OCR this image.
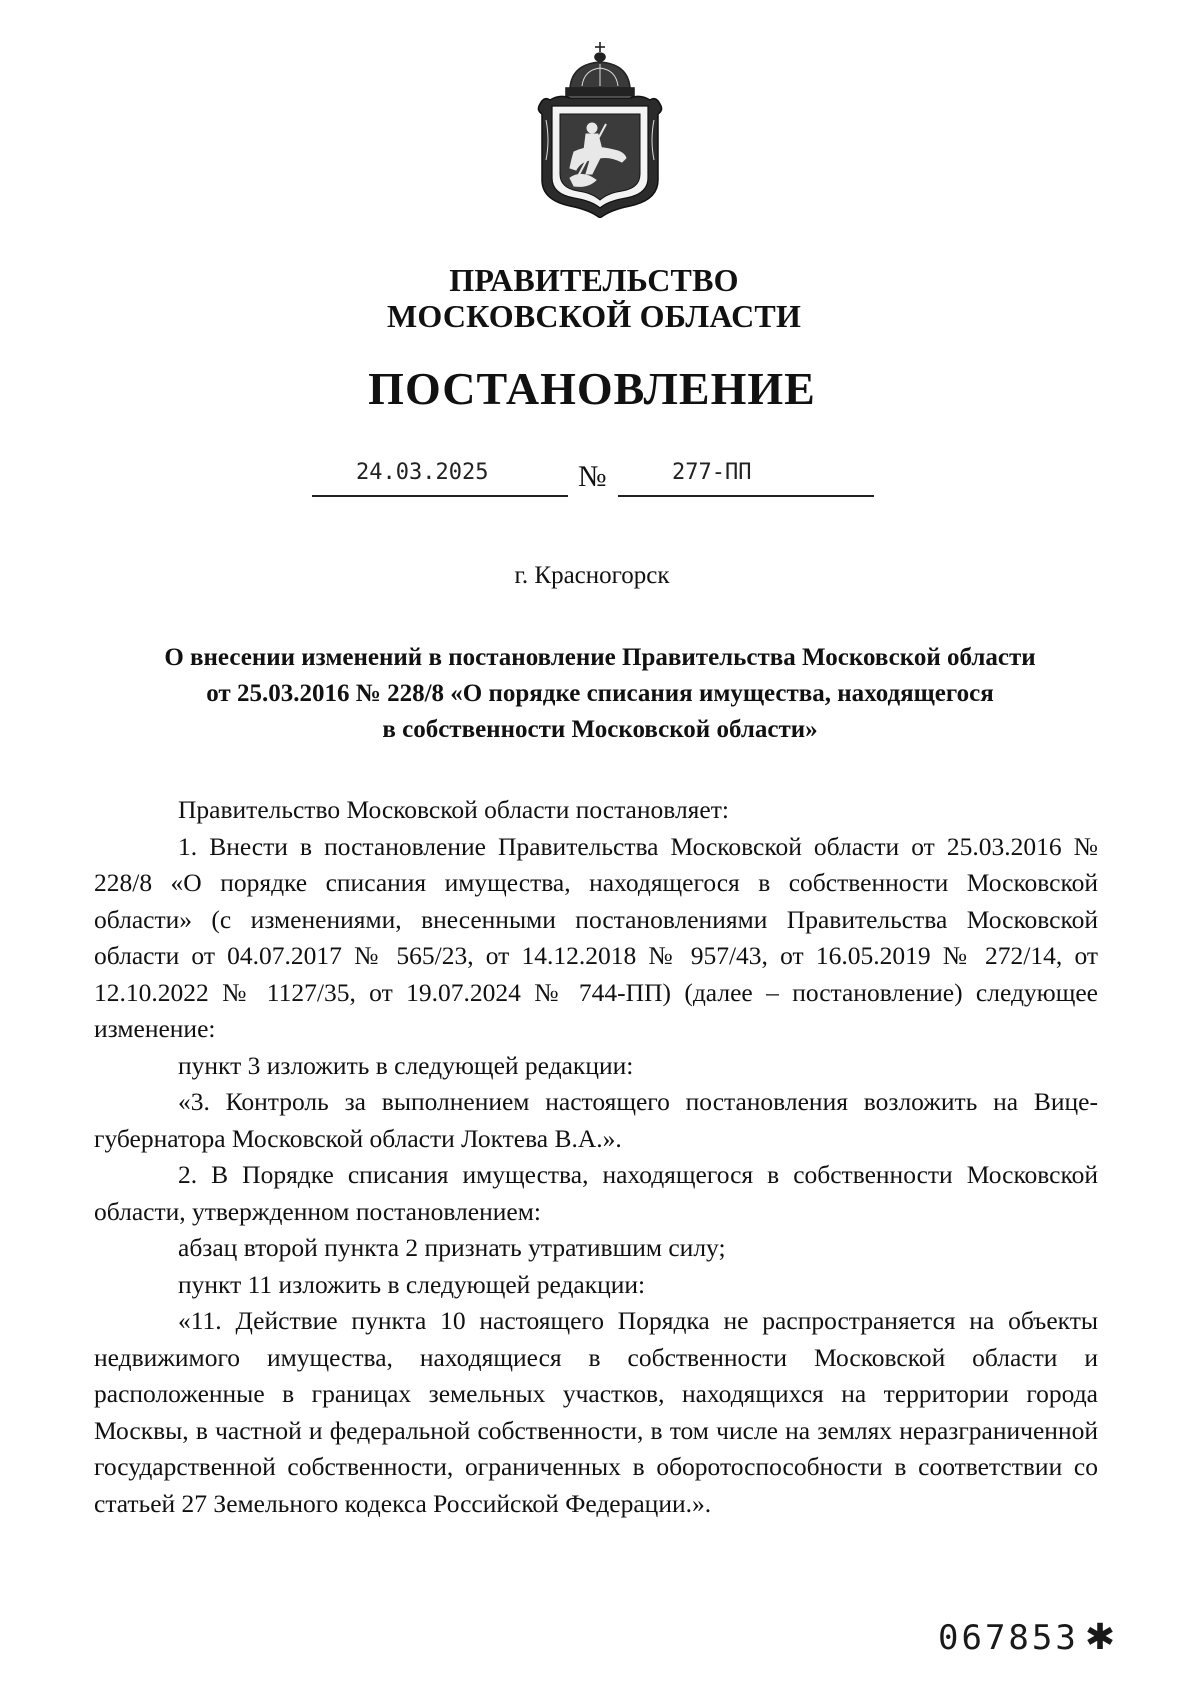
ПРАВИТЕЛЬСТВО
МОСКОВСКОЙ ОБЛАСТИ
ПОСТАНОВЛЕНИЕ
24.03.2025	№	277-ПП
г. Красногорск
О внесении изменений в постановление Правительства Московской области
от 25.03.2016 № 228/8 «О порядке списания имущества, находящегося
в собственности Московской области»

Правительство Московской области постановляет:

1. Внести в постановление Правительства Московской области от 25.03.2016 № 228/8 «О порядке списания имущества, находящегося в собственности Московской области» (с изменениями, внесенными постановлениями Правительства Московской области от 04.07.2017 № 565/23, от 14.12.2018 № 957/43, от 16.05.2019 № 272/14, от 12.10.2022 № 1127/35, от 19.07.2024 № 744-ПП) (далее – постановление) следующее изменение:

пункт 3 изложить в следующей редакции:

«3. Контроль за выполнением настоящего постановления возложить на Вице-губернатора Московской области Локтева В.А.».

2. В Порядке списания имущества, находящегося в собственности Московской области, утвержденном постановлением:

абзац второй пункта 2 признать утратившим силу;

пункт 11 изложить в следующей редакции:

«11. Действие пункта 10 настоящего Порядка не распространяется на объекты недвижимого имущества, находящиеся в собственности Московской области и расположенные в границах земельных участков, находящихся на территории города Москвы, в частной и федеральной собственности, в том числе на землях неразграниченной государственной собственности, ограниченных в оборотоспособности в соответствии со статьей 27 Земельного кодекса Российской Федерации.».

067853 ✱
